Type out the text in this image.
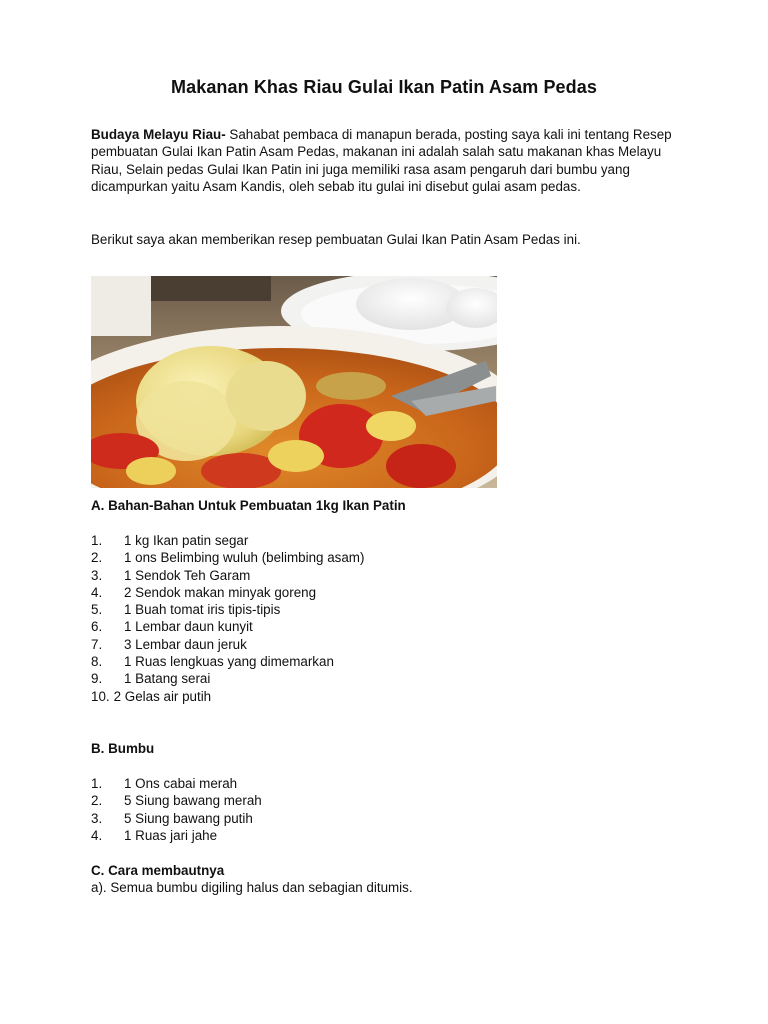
Makanan Khas Riau Gulai Ikan Patin Asam Pedas
Budaya Melayu Riau- Sahabat pembaca di manapun berada, posting saya kali ini tentang Resep pembuatan Gulai Ikan Patin Asam Pedas, makanan ini adalah salah satu makanan khas Melayu Riau, Selain pedas Gulai Ikan Patin ini juga memiliki rasa asam pengaruh dari bumbu yang dicampurkan yaitu Asam Kandis, oleh sebab itu gulai ini disebut gulai asam pedas.
Berikut saya akan memberikan resep pembuatan Gulai Ikan Patin Asam Pedas ini.
A. Bahan-Bahan Untuk Pembuatan 1kg Ikan Patin
1.	1 kg Ikan patin segar
2.	1 ons Belimbing wuluh (belimbing asam)
3.	1 Sendok Teh Garam
4.	2 Sendok makan minyak goreng
5.	1 Buah tomat iris tipis-tipis
6.	1 Lembar daun kunyit
7.	3 Lembar daun jeruk
8.	1 Ruas lengkuas yang dimemarkan
9.	1 Batang serai
10. 2 Gelas air putih
B. Bumbu
1.	1 Ons cabai merah
2.	5 Siung bawang merah
3.	5 Siung bawang putih
4.	1 Ruas jari jahe
C. Cara membautnya
a). Semua bumbu digiling halus dan sebagian ditumis.
